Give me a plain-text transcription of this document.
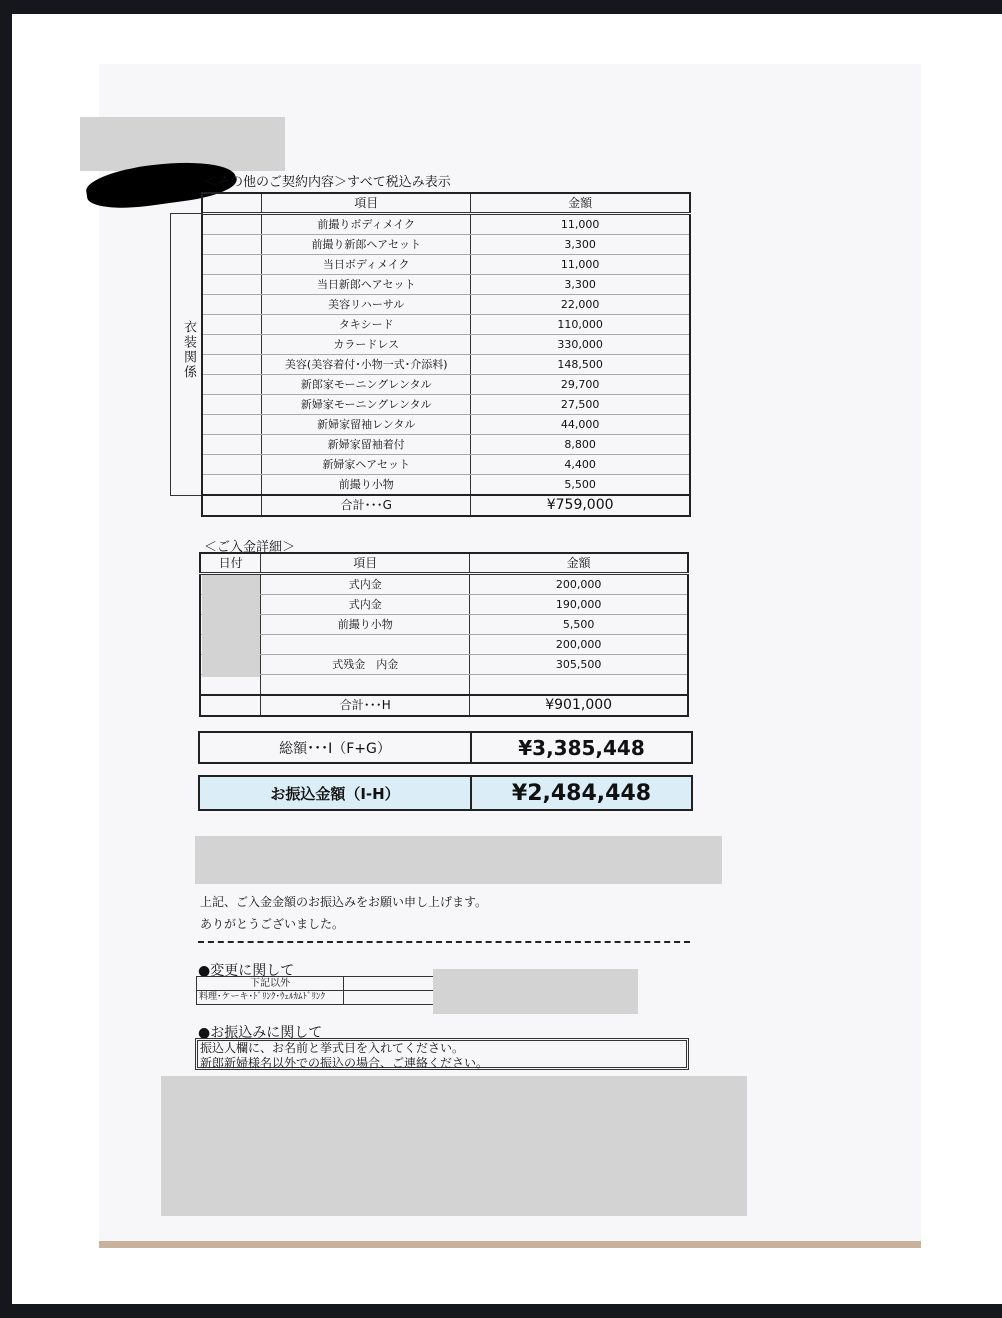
＜その他のご契約内容＞すべて税込み表示
衣装関係
	項目	金額
	前撮りボディメイク	11,000
	前撮り新郎ヘアセット	3,300
	当日ボディメイク	11,000
	当日新郎ヘアセット	3,300
	美容リハーサル	22,000
	タキシード	110,000
	カラードレス	330,000
	美容(美容着付･小物一式･介添料)	148,500
	新郎家モーニングレンタル	29,700
	新婦家モーニングレンタル	27,500
	新婦家留袖レンタル	44,000
	新婦家留袖着付	8,800
	新婦家ヘアセット	4,400
	前撮り小物	5,500
	合計･･･G	¥759,000
＜ご入金詳細＞
日付	項目	金額
	式内金	200,000
	式内金	190,000
	前撮り小物	5,500
		200,000
	式残金　内金	305,500

	合計･･･H	¥901,000
総額･･･I（F+G）	¥3,385,448
お振込金額（I-H）	¥2,484,448
上記、ご入金金額のお振込みをお願い申し上げます。
ありがとうございました。
●変更に関して
下記以外			
料理･ケーキ･ﾄﾞﾘﾝｸ･ｳｪﾙｶﾑﾄﾞﾘﾝｸ			
●お振込みに関して
振込人欄に、お名前と挙式日を入れてください。
新郎新婦様名以外での振込の場合、ご連絡ください。
